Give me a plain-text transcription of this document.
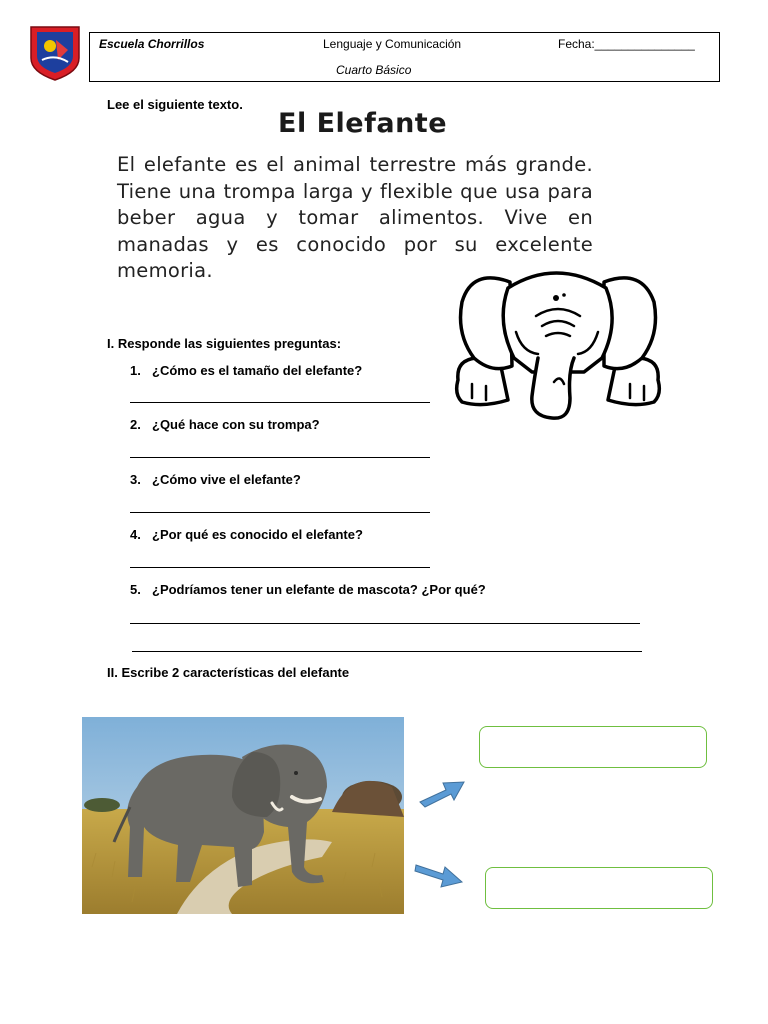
Escuela Chorrillos	Lenguaje y Comunicación	Fecha:_______________
Cuarto Básico
Lee el siguiente texto.
El Elefante
El elefante es el animal terrestre más grande. Tiene una trompa larga y flexible que usa para beber agua y tomar alimentos. Vive en manadas y es conocido por su excelente memoria.
I. Responde las siguientes preguntas:
1. ¿Cómo es el tamaño del elefante?
2. ¿Qué hace con su trompa?
3. ¿Cómo vive el elefante?
4. ¿Por qué es conocido el elefante?
5. ¿Podríamos tener un elefante de mascota? ¿Por qué?
II. Escribe 2 características del elefante
